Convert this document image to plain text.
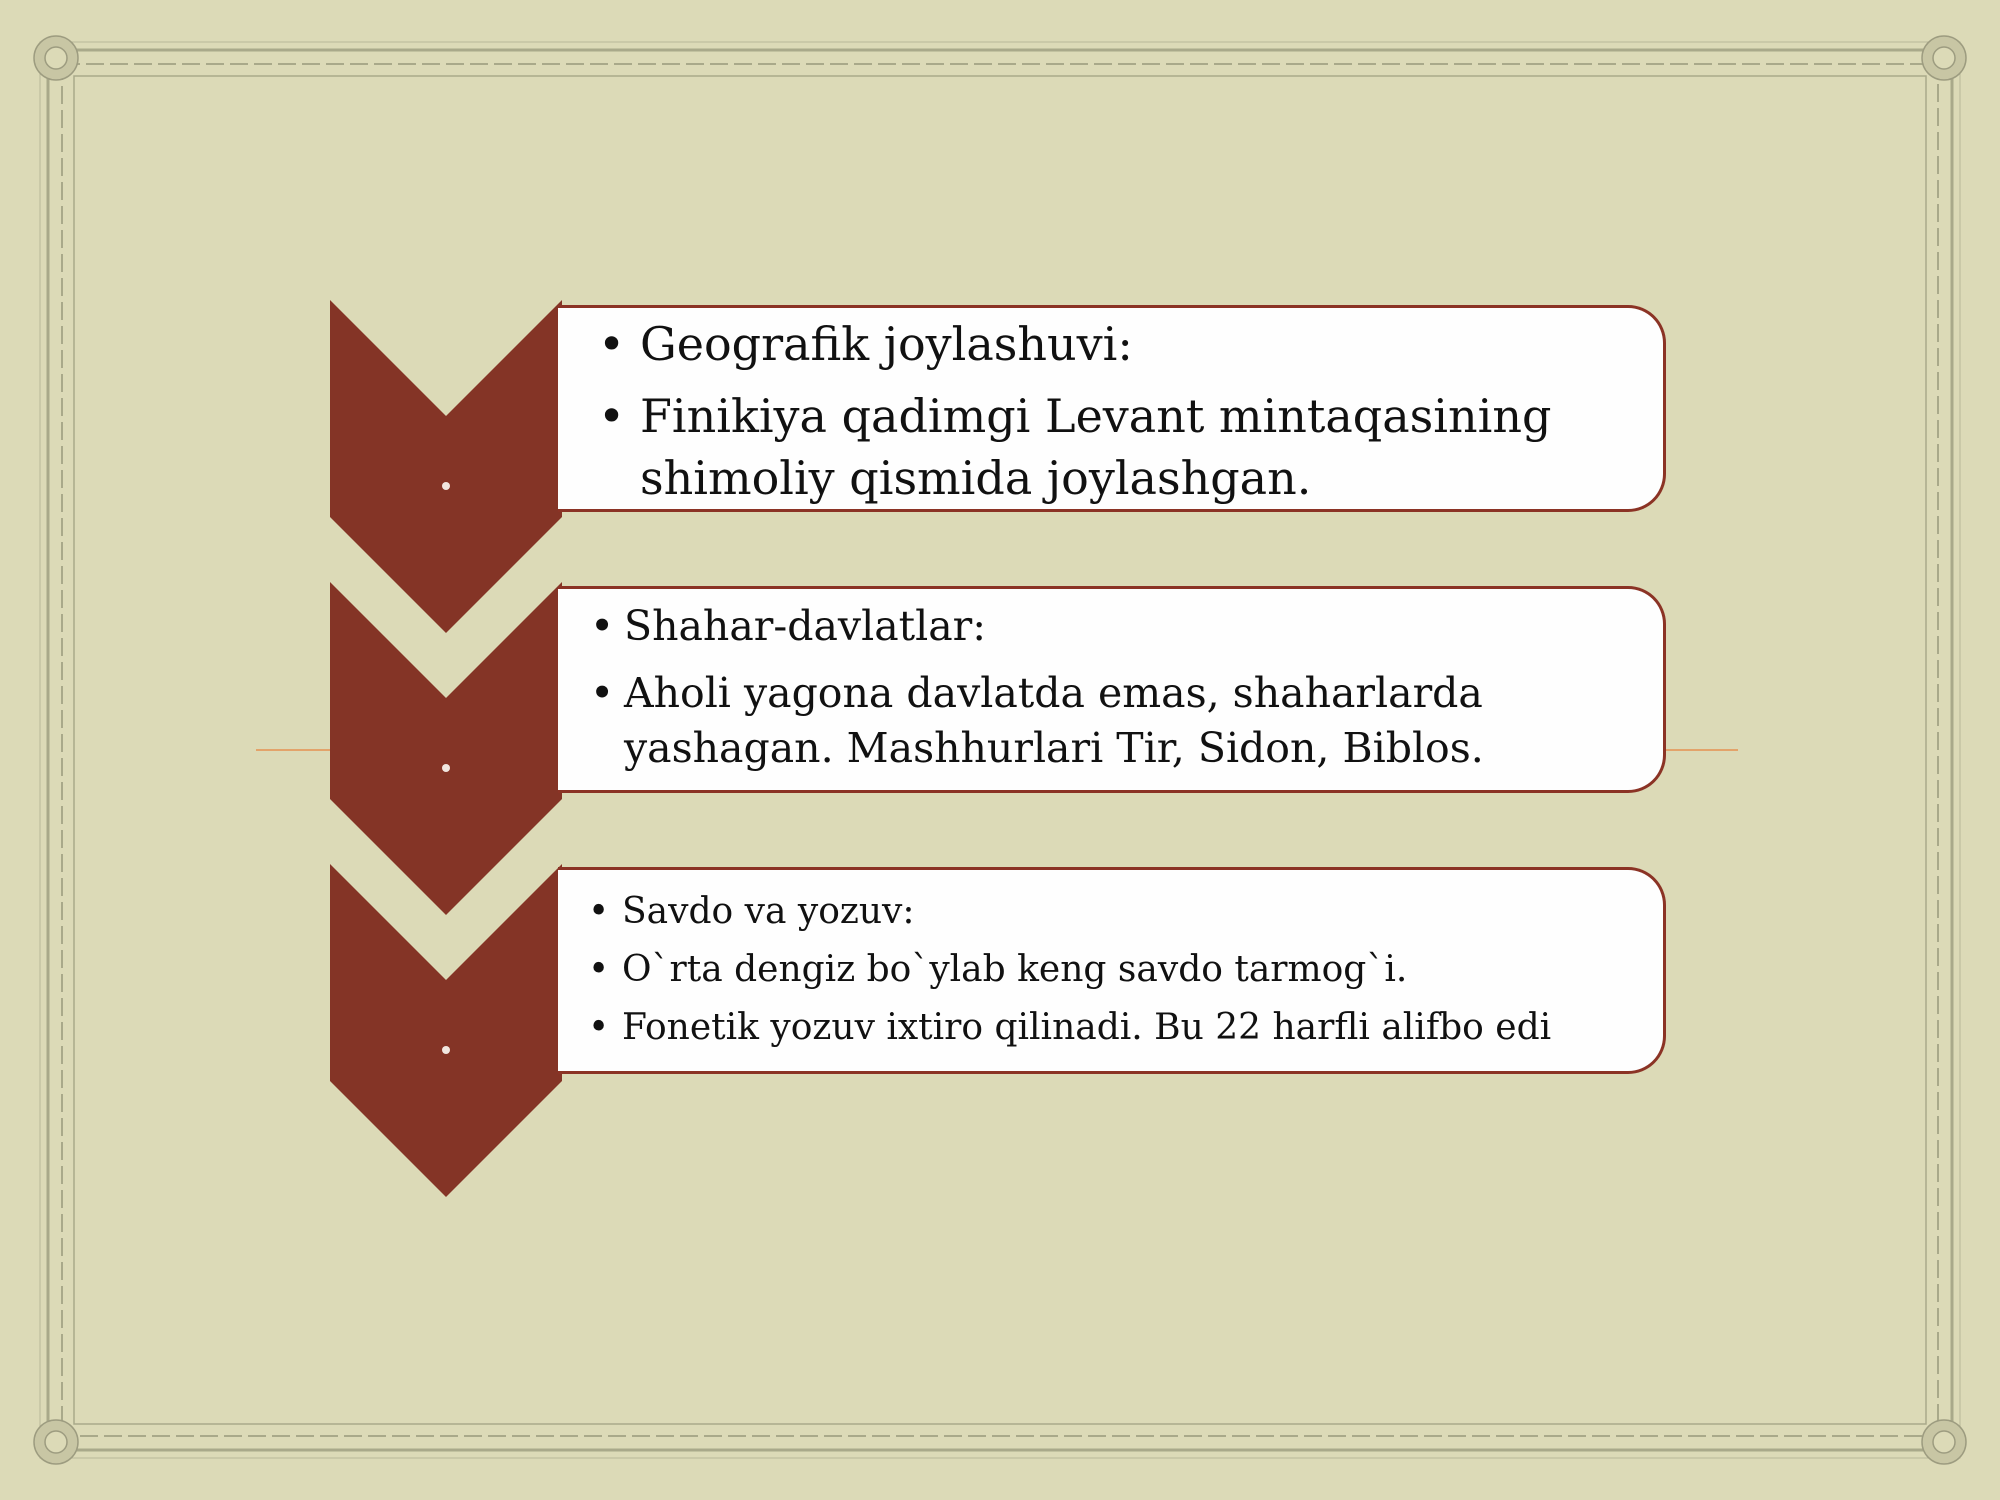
• Geografik joylashuvi:
• Finikiya qadimgi Levant mintaqasining shimoliy qismida joylashgan.
• Shahar-davlatlar:
• Aholi yagona davlatda emas, shaharlarda yashagan. Mashhurlari Tir, Sidon, Biblos.
• Savdo va yozuv:
• O`rta dengiz bo`ylab keng savdo tarmog`i.
• Fonetik yozuv ixtiro qilinadi. Bu 22 harfli alifbo edi
